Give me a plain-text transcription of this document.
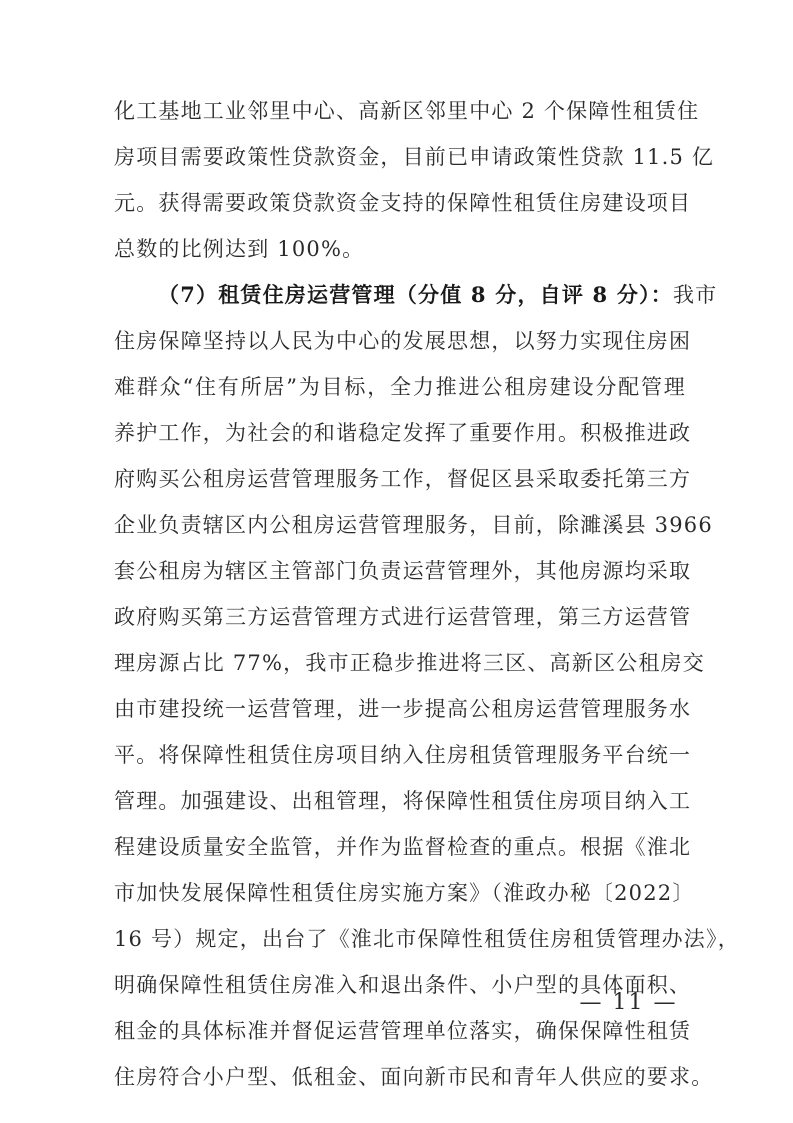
化工基地工业邻里中心、高新区邻里中心 2 个保障性租赁住
房项目需要政策性贷款资金，目前已申请政策性贷款 11.5 亿
元。获得需要政策贷款资金支持的保障性租赁住房建设项目
总数的比例达到 100%。
（7）租赁住房运营管理（分值 8 分，自评 8 分）：我市
住房保障坚持以人民为中心的发展思想，以努力实现住房困
难群众“住有所居”为目标，全力推进公租房建设分配管理
养护工作，为社会的和谐稳定发挥了重要作用。积极推进政
府购买公租房运营管理服务工作，督促区县采取委托第三方
企业负责辖区内公租房运营管理服务，目前，除濉溪县 3966
套公租房为辖区主管部门负责运营管理外，其他房源均采取
政府购买第三方运营管理方式进行运营管理，第三方运营管
理房源占比 77%，我市正稳步推进将三区、高新区公租房交
由市建投统一运营管理，进一步提高公租房运营管理服务水
平。将保障性租赁住房项目纳入住房租赁管理服务平台统一
管理。加强建设、出租管理，将保障性租赁住房项目纳入工
程建设质量安全监管，并作为监督检查的重点。根据《淮北
市加快发展保障性租赁住房实施方案》（淮政办秘〔2022〕
16 号）规定，出台了《淮北市保障性租赁住房租赁管理办法》，
明确保障性租赁住房准入和退出条件、小户型的具体面积、
租金的具体标准并督促运营管理单位落实，确保保障性租赁
住房符合小户型、低租金、面向新市民和青年人供应的要求。
— 11 —
